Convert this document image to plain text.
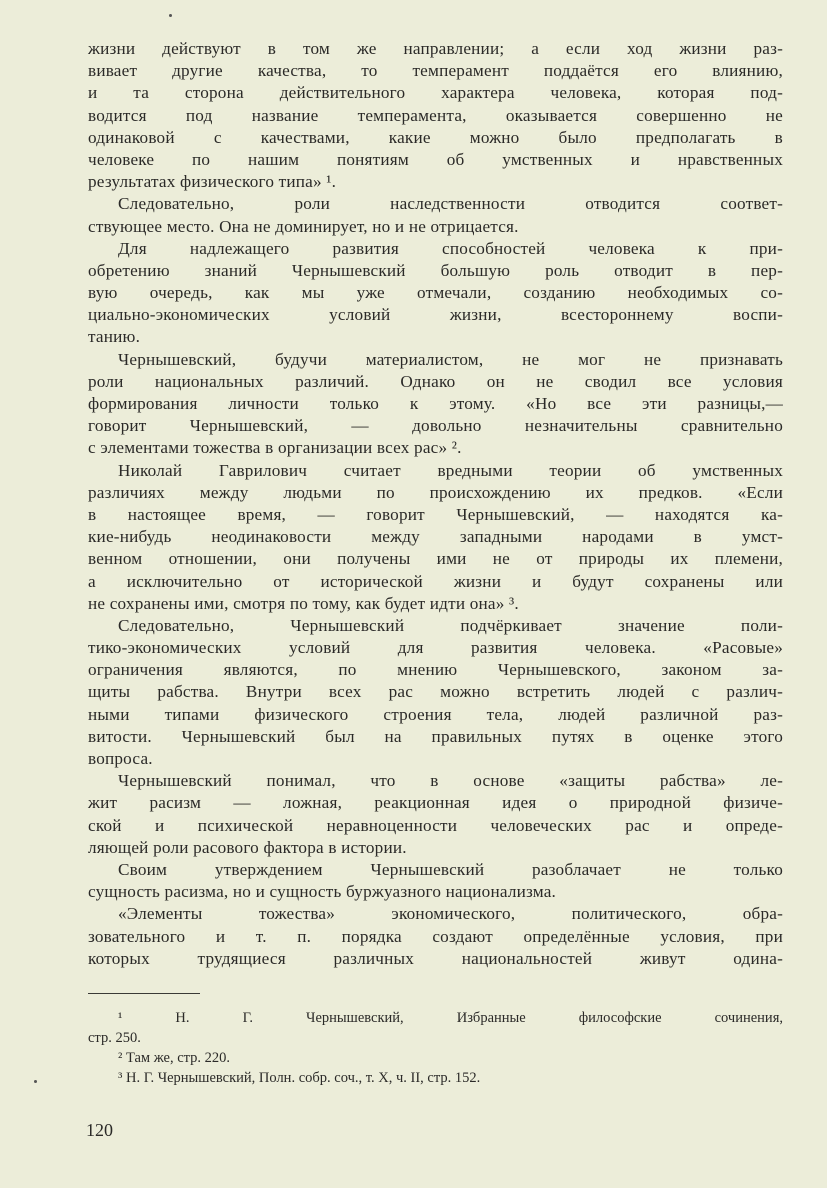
жизни действуют в том же направлении; а если ход жизни раз-
вивает другие качества, то темперамент поддаётся его влиянию,
и та сторона действительного характера человека, которая под-
водится под название темперамента, оказывается совершенно не
одинаковой с качествами, какие можно было предполагать в
человеке по нашим понятиям об умственных и нравственных
результатах физического типа» ¹.
Следовательно, роли наследственности отводится соответ-
ствующее место. Она не доминирует, но и не отрицается.
Для надлежащего развития способностей человека к при-
обретению знаний Чернышевский большую роль отводит в пер-
вую очередь, как мы уже отмечали, созданию необходимых со-
циально-экономических условий жизни, всестороннему воспи-
танию.
Чернышевский, будучи материалистом, не мог не признавать
роли национальных различий. Однако он не сводил все условия
формирования личности только к этому. «Но все эти разницы,—
говорит Чернышевский, — довольно незначительны сравнительно
с элементами тожества в организации всех рас» ².
Николай Гаврилович считает вредными теории об умственных
различиях между людьми по происхождению их предков. «Если
в настоящее время, — говорит Чернышевский, — находятся ка-
кие-нибудь неодинаковости между западными народами в умст-
венном отношении, они получены ими не от природы их племени,
а исключительно от исторической жизни и будут сохранены или
не сохранены ими, смотря по тому, как будет идти она» ³.
Следовательно, Чернышевский подчёркивает значение поли-
тико-экономических условий для развития человека. «Расовые»
ограничения являются, по мнению Чернышевского, законом за-
щиты рабства. Внутри всех рас можно встретить людей с различ-
ными типами физического строения тела, людей различной раз-
витости. Чернышевский был на правильных путях в оценке этого
вопроса.
Чернышевский понимал, что в основе «защиты рабства» ле-
жит расизм — ложная, реакционная идея о природной физиче-
ской и психической неравноценности человеческих рас и опреде-
ляющей роли расового фактора в истории.
Своим утверждением Чернышевский разоблачает не только
сущность расизма, но и сущность буржуазного национализма.
«Элементы тожества» экономического, политического, обра-
зовательного и т. п. порядка создают определённые условия, при
которых трудящиеся различных национальностей живут одина-
¹ Н. Г. Чернышевский, Избранные философские сочинения,
стр. 250.
² Там же, стр. 220.
³ Н. Г. Чернышевский, Полн. собр. соч., т. X, ч. II, стр. 152.
120
